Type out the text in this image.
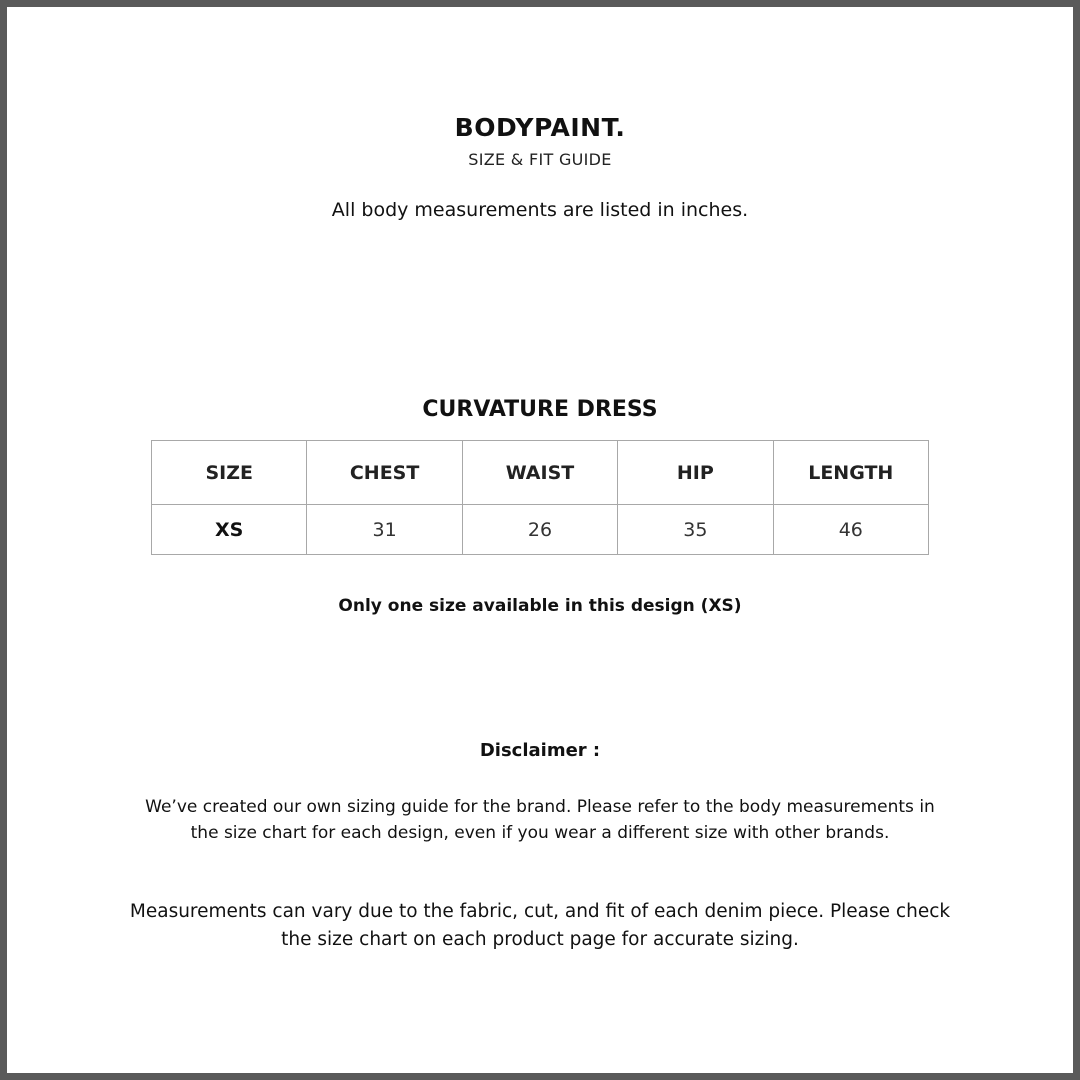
BODYPAINT.
SIZE & FIT GUIDE

All body measurements are listed in inches.

CURVATURE DRESS
SIZE	CHEST	WAIST	HIP	LENGTH
XS	31	26	35	46

Only one size available in this design (XS)

Disclaimer :

We’ve created our own sizing guide for the brand. Please refer to the body measurements in the size chart for each design, even if you wear a different size with other brands.

Measurements can vary due to the fabric, cut, and fit of each denim piece. Please check the size chart on each product page for accurate sizing.
